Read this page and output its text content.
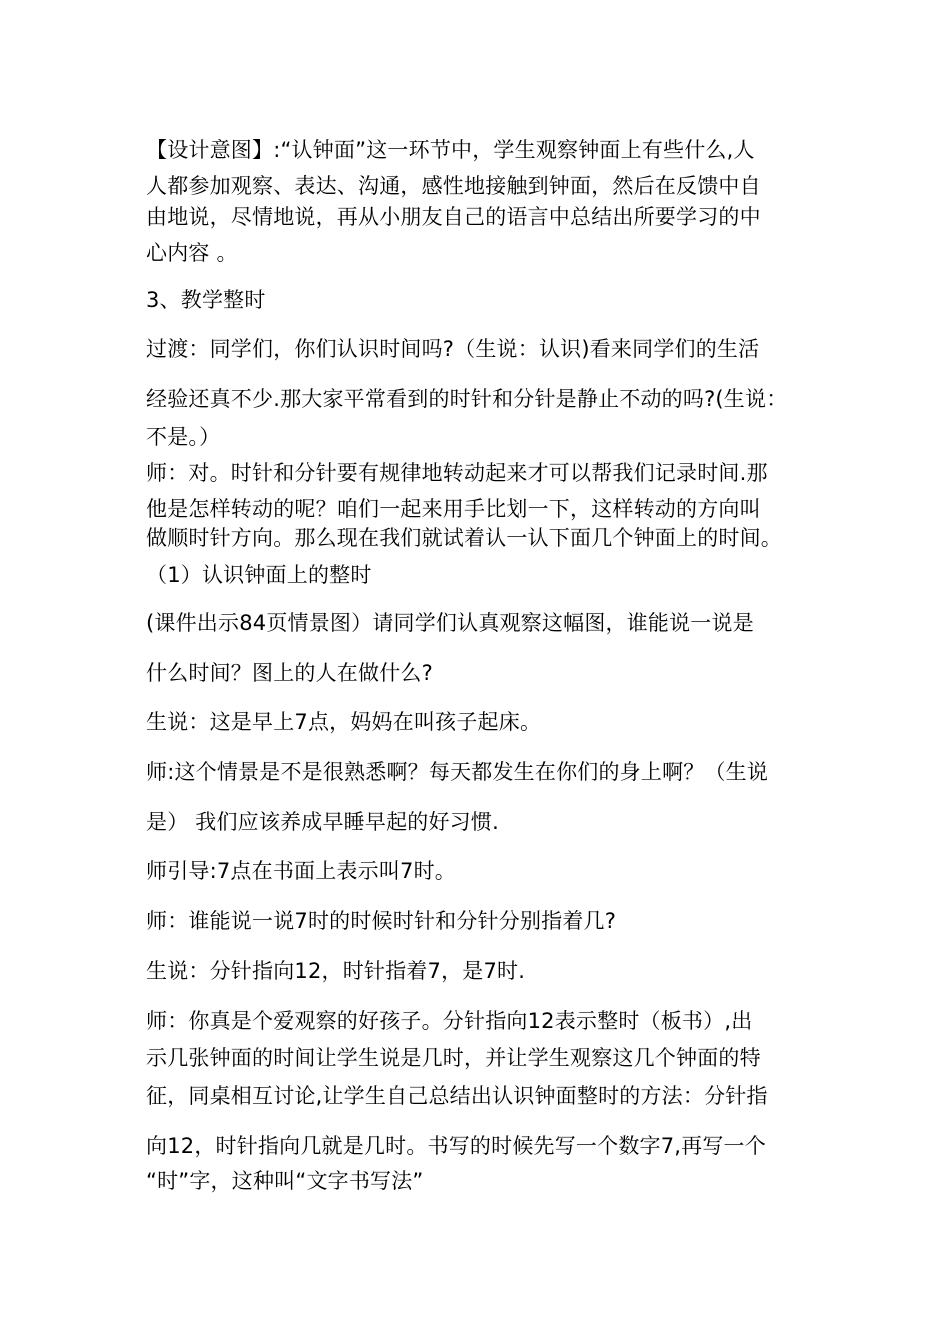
【设计意图】:“认钟面”这一环节中，学生观察钟面上有些什么,人
人都参加观察、表达、沟通，感性地接触到钟面，然后在反馈中自
由地说，尽情地说，再从小朋友自己的语言中总结出所要学习的中
心内容 。
3、教学整时
过渡：同学们，你们认识时间吗?（生说：认识)看来同学们的生活
经验还真不少.那大家平常看到的时针和分针是静止不动的吗?(生说：
不是。）
师：对。时针和分针要有规律地转动起来才可以帮我们记录时间.那
他是怎样转动的呢？咱们一起来用手比划一下，这样转动的方向叫
做顺时针方向。那么现在我们就试着认一认下面几个钟面上的时间。
（1）认识钟面上的整时
(课件出示84页情景图）请同学们认真观察这幅图，谁能说一说是
什么时间？图上的人在做什么?
生说：这是早上7点，妈妈在叫孩子起床。
师:这个情景是不是很熟悉啊？每天都发生在你们的身上啊？（生说
是） 我们应该养成早睡早起的好习惯.
师引导:7点在书面上表示叫7时。
师：谁能说一说7时的时候时针和分针分别指着几?
生说：分针指向12，时针指着7，是7时.
师：你真是个爱观察的好孩子。分针指向12表示整时（板书）,出
示几张钟面的时间让学生说是几时，并让学生观察这几个钟面的特
征，同桌相互讨论,让学生自己总结出认识钟面整时的方法：分针指
向12，时针指向几就是几时。书写的时候先写一个数字7,再写一个
“时”字，这种叫“文字书写法”
